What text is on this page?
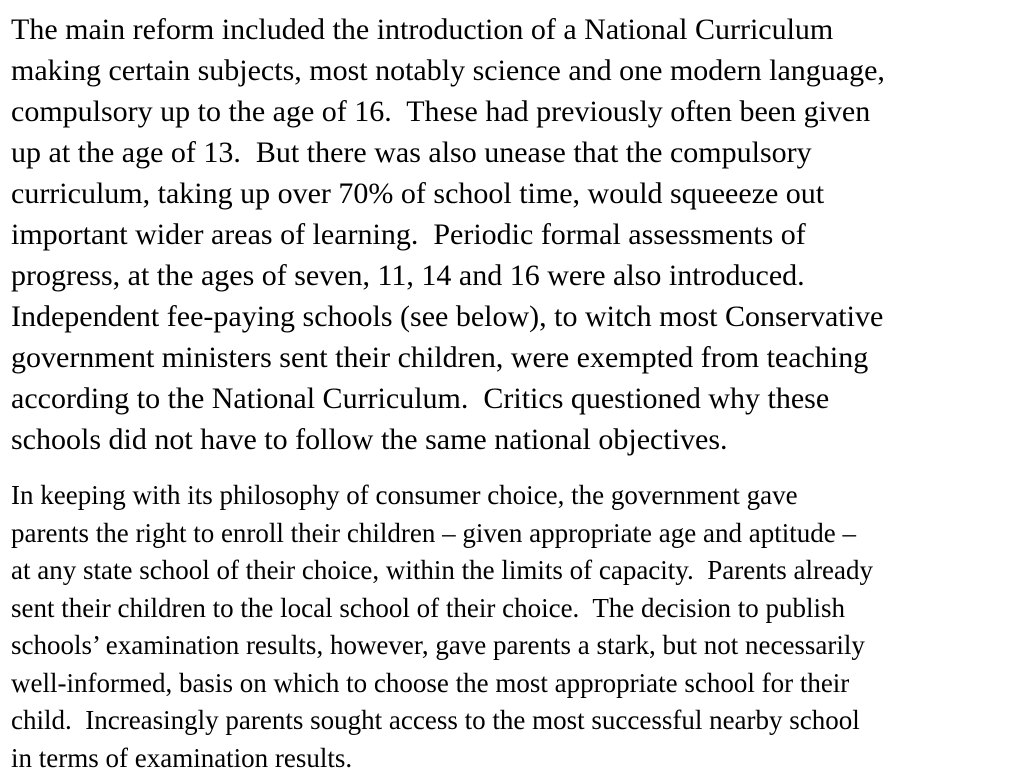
The main reform included the introduction of a National Curriculum
making certain subjects, most notably science and one modern language,
compulsory up to the age of 16.  These had previously often been given
up at the age of 13.  But there was also unease that the compulsory
curriculum, taking up over 70% of school time, would squeeeze out
important wider areas of learning.  Periodic formal assessments of
progress, at the ages of seven, 11, 14 and 16 were also introduced.
Independent fee-paying schools (see below), to witch most Conservative
government ministers sent their children, were exempted from teaching
according to the National Curriculum.  Critics questioned why these
schools did not have to follow the same national objectives.

In keeping with its philosophy of consumer choice, the government gave
parents the right to enroll their children – given appropriate age and aptitude –
at any state school of their choice, within the limits of capacity.  Parents already
sent their children to the local school of their choice.  The decision to publish
schools’ examination results, however, gave parents a stark, but not necessarily
well-informed, basis on which to choose the most appropriate school for their
child.  Increasingly parents sought access to the most successful nearby school
in terms of examination results.
